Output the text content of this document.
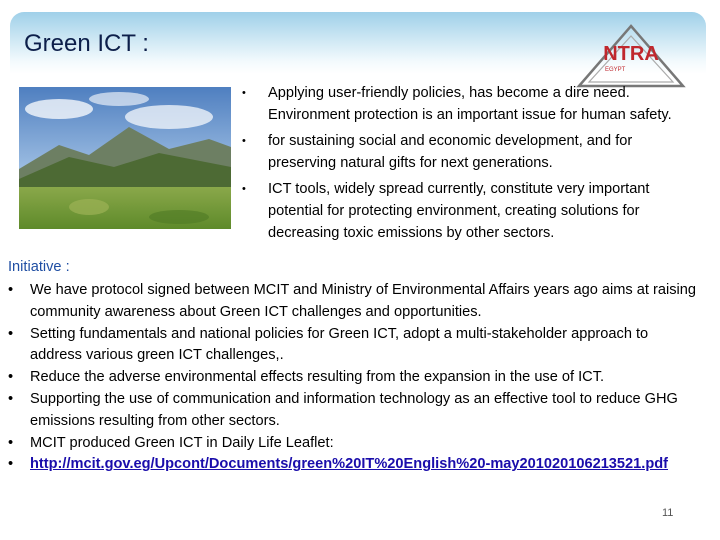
Green ICT :	NTRA
EGYPT
• Applying user-friendly policies, has become a dire need. Environment protection is an important issue for human safety.
• for sustaining social and economic development, and for preserving natural gifts for next generations.
• ICT tools, widely spread currently, constitute very important potential for protecting environment, creating solutions for decreasing toxic emissions by other sectors.
Initiative :
• We have protocol signed between MCIT and Ministry of Environmental Affairs years ago aims at raising community awareness about Green ICT challenges and opportunities.
• Setting fundamentals and national policies for Green ICT, adopt a multi-stakeholder approach to address various green ICT challenges,.
• Reduce the adverse environmental effects resulting from the expansion in the use of ICT.
• Supporting the use of communication and information technology as an effective tool to reduce GHG emissions resulting from other sectors.
• MCIT produced Green ICT in Daily Life Leaflet:
• http://mcit.gov.eg/Upcont/Documents/green%20IT%20English%20-may201020106213521.pdf
11
